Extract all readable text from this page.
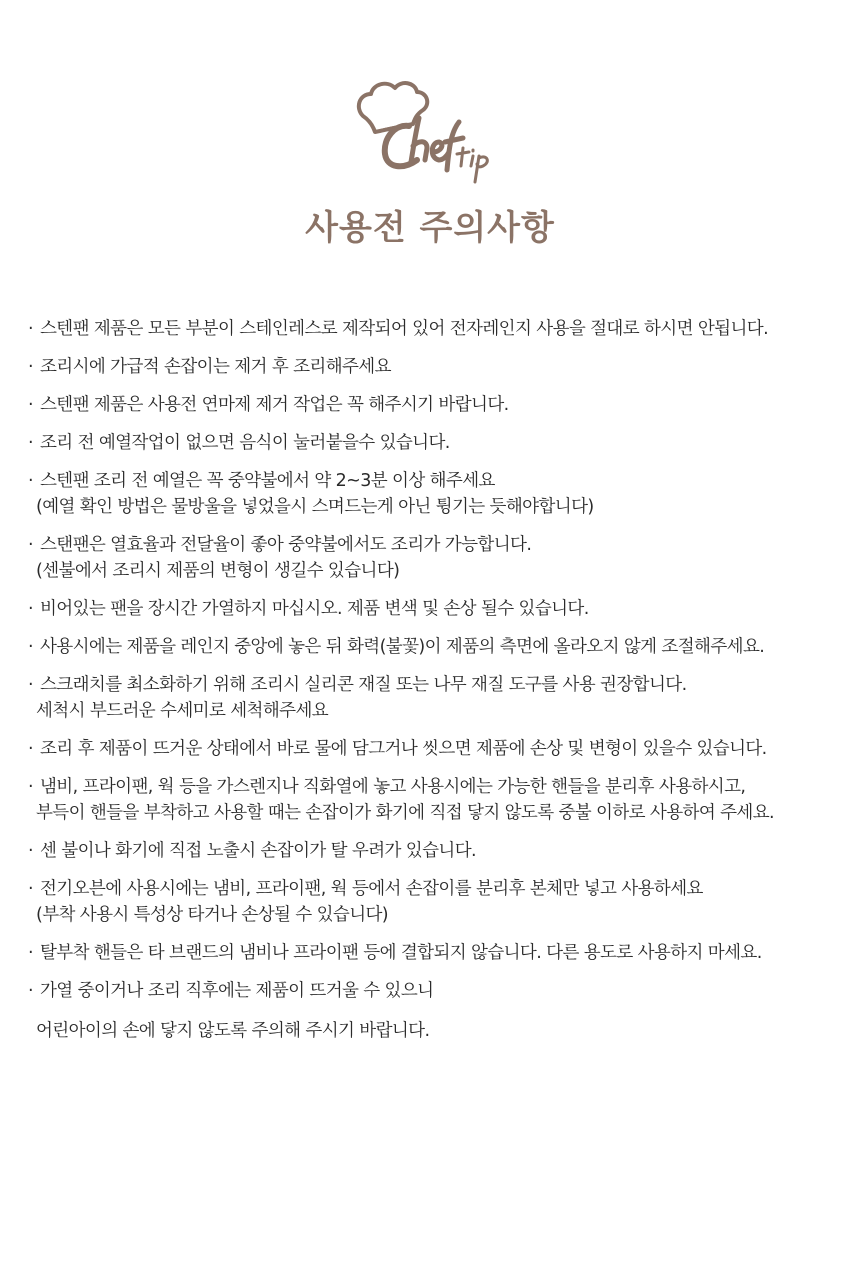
사용전 주의사항
· 스텐팬 제품은 모든 부분이 스테인레스로 제작되어 있어 전자레인지 사용을 절대로 하시면 안됩니다.
· 조리시에 가급적 손잡이는 제거 후 조리해주세요
· 스텐팬 제품은 사용전 연마제 제거 작업은 꼭 해주시기 바랍니다.
· 조리 전 예열작업이 없으면 음식이 눌러붙을수 있습니다.
· 스텐팬 조리 전 예열은 꼭 중약불에서 약 2~3분 이상 해주세요
(예열 확인 방법은 물방울을 넣었을시 스며드는게 아닌 튕기는 듯해야합니다)
· 스탠팬은 열효율과 전달율이 좋아 중약불에서도 조리가 가능합니다.
(센불에서 조리시 제품의 변형이 생길수 있습니다)
· 비어있는 팬을 장시간 가열하지 마십시오. 제품 변색 및 손상 될수 있습니다.
· 사용시에는 제품을 레인지 중앙에 놓은 뒤 화력(불꽃)이 제품의 측면에 올라오지 않게 조절해주세요.
· 스크래치를 최소화하기 위해 조리시 실리콘 재질 또는 나무 재질 도구를 사용 권장합니다.
세척시 부드러운 수세미로 세척해주세요
· 조리 후 제품이 뜨거운 상태에서 바로 물에 담그거나 씻으면 제품에 손상 및 변형이 있을수 있습니다.
· 냄비, 프라이팬, 웍 등을 가스렌지나 직화열에 놓고 사용시에는 가능한 핸들을 분리후 사용하시고,
부득이 핸들을 부착하고 사용할 때는 손잡이가 화기에 직접 닿지 않도록 중불 이하로 사용하여 주세요.
· 센 불이나 화기에 직접 노출시 손잡이가 탈 우려가 있습니다.
· 전기오븐에 사용시에는 냄비, 프라이팬, 웍 등에서 손잡이를 분리후 본체만 넣고 사용하세요
(부착 사용시 특성상 타거나 손상될 수 있습니다)
· 탈부착 핸들은 타 브랜드의 냄비나 프라이팬 등에 결합되지 않습니다. 다른 용도로 사용하지 마세요.
· 가열 중이거나 조리 직후에는 제품이 뜨거울 수 있으니
어린아이의 손에 닿지 않도록 주의해 주시기 바랍니다.
